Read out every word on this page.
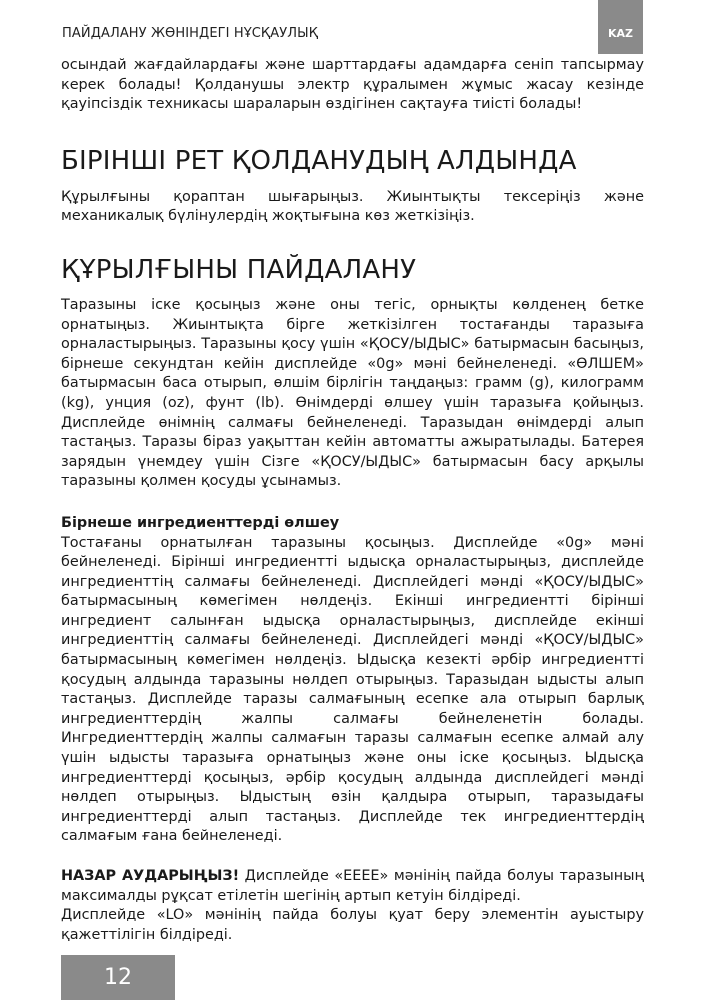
ПАЙДАЛАНУ ЖӨНІНДЕГІ НҰСҚАУЛЫҚ	KAZ

осындай жағдайлардағы және шарттардағы адамдарға сеніп тапсырмау керек болады! Қолданушы электр құралымен жұмыс жасау кезінде қауіпсіздік техникасы шараларын өздігінен сақтауға тиісті болады!

БІРІНШІ РЕТ ҚОЛДАНУДЫҢ АЛДЫНДА

Құрылғыны қораптан шығарыңыз. Жиынтықты тексеріңіз және механикалық бүлінулердің жоқтығына көз жеткізіңіз.

ҚҰРЫЛҒЫНЫ ПАЙДАЛАНУ

Таразыны іске қосыңыз және оны тегіс, орнықты көлденең бетке орнатыңыз. Жиынтықта бірге жеткізілген тостағанды таразыға орналастырыңыз. Таразыны қосу үшін «ҚОСУ/ЫДЫС» батырмасын басыңыз, бірнеше секундтан кейін дисплейде «0g» мәні бейнеленеді. «ӨЛШЕМ» батырмасын баса отырып, өлшім бірлігін таңдаңыз: грамм (g), килограмм (kg), унция (oz), фунт (lb). Өнімдерді өлшеу үшін таразыға қойыңыз. Дисплейде өнімнің салмағы бейнеленеді. Таразыдан өнімдерді алып тастаңыз. Таразы біраз уақыттан кейін автоматты ажыратылады. Батерея зарядын үнемдеу үшін Сізге «ҚОСУ/ЫДЫС» батырмасын басу арқылы таразыны қолмен қосуды ұсынамыз.

Бірнеше ингредиенттерді өлшеу

Тостағаны орнатылған таразыны қосыңыз. Дисплейде «0g» мәні бейнеленеді. Бірінші ингредиентті ыдысқа орналастырыңыз, дисплейде ингредиенттің салмағы бейнеленеді. Дисплейдегі мәнді «ҚОСУ/ЫДЫС» батырмасының көмегімен нөлдеңіз. Екінші ингредиентті бірінші ингредиент салынған ыдысқа орналастырыңыз, дисплейде екінші ингредиенттің салмағы бейнеленеді. Дисплейдегі мәнді «ҚОСУ/ЫДЫС» батырмасының көмегімен нөлдеңіз. Ыдысқа кезекті әрбір ингредиентті қосудың алдында таразыны нөлдеп отырыңыз. Таразыдан ыдысты алып тастаңыз. Дисплейде таразы салмағының есепке ала отырып барлық ингредиенттердің жалпы салмағы бейнеленетін болады. Ингредиенттердің жалпы салмағын таразы салмағын есепке алмай алу үшін ыдысты таразыға орнатыңыз және оны іске қосыңыз. Ыдысқа ингредиенттерді қосыңыз, әрбір қосудың алдында дисплейдегі мәнді нөлдеп отырыңыз. Ыдыстың өзін қалдыра отырып, таразыдағы ингредиенттерді алып тастаңыз. Дисплейде тек ингредиенттердің салмағым ғана бейнеленеді.

НАЗАР АУДАРЫҢЫЗ! Дисплейде «ЕЕЕЕ» мәнінің пайда болуы таразының максималды рұқсат етілетін шегінің артып кетуін білдіреді.

Дисплейде «LO» мәнінің пайда болуы қуат беру элементін ауыстыру қажеттілігін білдіреді.

12
